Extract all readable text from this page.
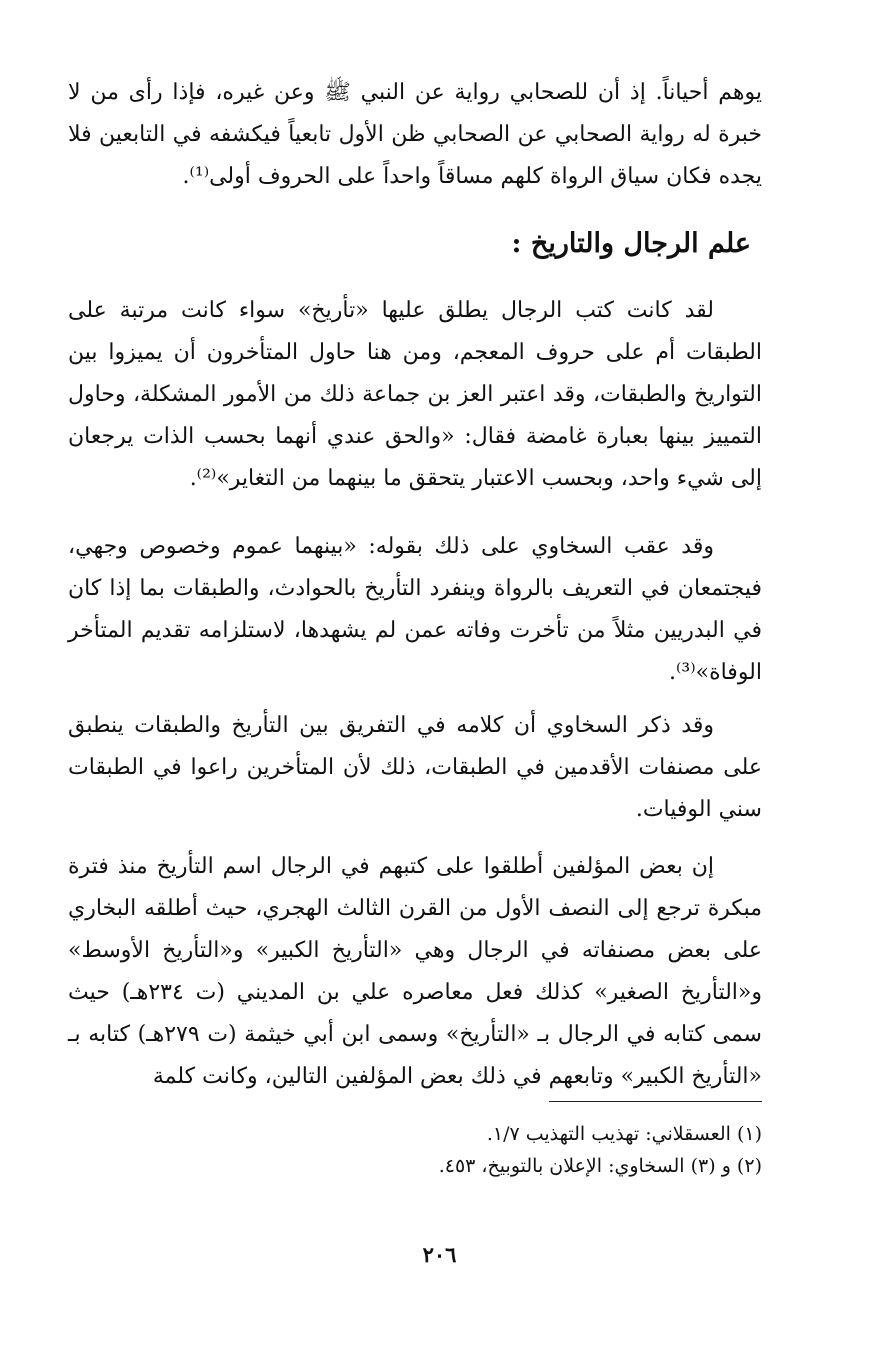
يوهم أحياناً. إذ أن للصحابي رواية عن النبي ﷺ وعن غيره، فإذا رأى من لا خبرة له رواية الصحابي عن الصحابي ظن الأول تابعياً فيكشفه في التابعين فلا يجده فكان سياق الرواة كلهم مساقاً واحداً على الحروف أولى⁽¹⁾.

علم الرجال والتاريخ :

لقد كانت كتب الرجال يطلق عليها «تأريخ» سواء كانت مرتبة على الطبقات أم على حروف المعجم، ومن هنا حاول المتأخرون أن يميزوا بين التواريخ والطبقات، وقد اعتبر العز بن جماعة ذلك من الأمور المشكلة، وحاول التمييز بينها بعبارة غامضة فقال: «والحق عندي أنهما بحسب الذات يرجعان إلى شيء واحد، وبحسب الاعتبار يتحقق ما بينهما من التغاير»⁽²⁾.

وقد عقب السخاوي على ذلك بقوله: «بينهما عموم وخصوص وجهي، فيجتمعان في التعريف بالرواة وينفرد التأريخ بالحوادث، والطبقات بما إذا كان في البدريين مثلاً من تأخرت وفاته عمن لم يشهدها، لاستلزامه تقديم المتأخر الوفاة»⁽³⁾.

وقد ذكر السخاوي أن كلامه في التفريق بين التأريخ والطبقات ينطبق على مصنفات الأقدمين في الطبقات، ذلك لأن المتأخرين راعوا في الطبقات سني الوفيات.

إن بعض المؤلفين أطلقوا على كتبهم في الرجال اسم التأريخ منذ فترة مبكرة ترجع إلى النصف الأول من القرن الثالث الهجري، حيث أطلقه البخاري على بعض مصنفاته في الرجال وهي «التأريخ الكبير» و«التأريخ الأوسط» و«التأريخ الصغير» كذلك فعل معاصره علي بن المديني (ت ٢٣٤هـ) حيث سمى كتابه في الرجال بـ «التأريخ» وسمى ابن أبي خيثمة (ت ٢٧٩هـ) كتابه بـ «التأريخ الكبير» وتابعهم في ذلك بعض المؤلفين التالين، وكانت كلمة

(١) العسقلاني: تهذيب التهذيب ١/٧.
(٢) و (٣) السخاوي: الإعلان بالتوبيخ، ٤٥٣.
٢٠٦
